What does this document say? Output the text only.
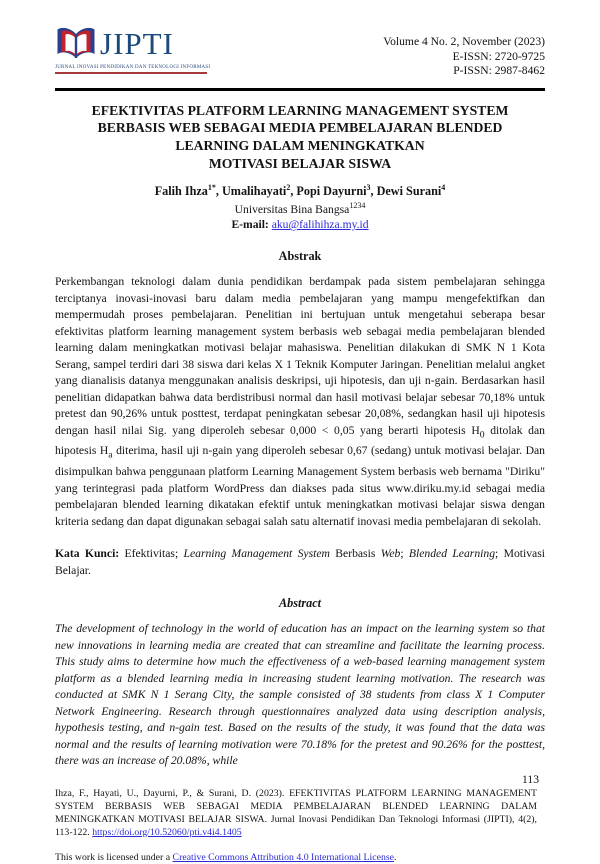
JIPTI
JURNAL INOVASI PENDIDIKAN DAN TEKNOLOGI INFORMASI
Volume 4 No. 2, November (2023)
E-ISSN: 2720-9725
P-ISSN: 2987-8462
EFEKTIVITAS PLATFORM LEARNING MANAGEMENT SYSTEM
BERBASIS WEB SEBAGAI MEDIA PEMBELAJARAN BLENDED
LEARNING DALAM MENINGKATKAN
MOTIVASI BELAJAR SISWA
Falih Ihza$^{1*}$, Umalihayati$^2$, Popi Dayurni$^3$, Dewi Surani$^4$
Universitas Bina Bangsa$^{1234}$
E-mail: aku@falihihza.my.id
Abstrak
Perkembangan teknologi dalam dunia pendidikan berdampak pada sistem pembelajaran sehingga terciptanya inovasi-inovasi baru dalam media pembelajaran yang mampu mengefektifkan dan mempermudah proses pembelajaran. Penelitian ini bertujuan untuk mengetahui seberapa besar efektivitas platform learning management system berbasis web sebagai media pembelajaran blended learning dalam meningkatkan motivasi belajar mahasiswa. Penelitian dilakukan di SMK N 1 Kota Serang, sampel terdiri dari 38 siswa dari kelas X 1 Teknik Komputer Jaringan. Penelitian melalui angket yang dianalisis datanya menggunakan analisis deskripsi, uji hipotesis, dan uji n-gain. Berdasarkan hasil penelitian didapatkan bahwa data berdistribusi normal dan hasil motivasi belajar sebesar 70,18% untuk pretest dan 90,26% untuk posttest, terdapat peningkatan sebesar 20,08%, sedangkan hasil uji hipotesis dengan hasil nilai Sig. yang diperoleh sebesar 0,000 < 0,05 yang berarti hipotesis $H_0$ ditolak dan hipotesis $H_a$ diterima, hasil uji n-gain yang diperoleh sebesar 0,67 (sedang) untuk motivasi belajar. Dan disimpulkan bahwa penggunaan platform Learning Management System berbasis web bernama "Diriku" yang terintegrasi pada platform WordPress dan diakses pada situs www.diriku.my.id sebagai media pembelajaran blended learning dikatakan efektif untuk meningkatkan motivasi belajar siswa dengan kriteria sedang dan dapat digunakan sebagai salah satu alternatif inovasi media pembelajaran di sekolah.
Kata Kunci: Efektivitas; Learning Management System Berbasis Web; Blended Learning; Motivasi Belajar.
Abstract
The development of technology in the world of education has an impact on the learning system so that new innovations in learning media are created that can streamline and facilitate the learning process. This study aims to determine how much the effectiveness of a web-based learning management system platform as a blended learning media in increasing student learning motivation. The research was conducted at SMK N 1 Serang City, the sample consisted of 38 students from class X 1 Computer Network Engineering. Research through questionnaires analyzed data using description analysis, hypothesis testing, and n-gain test. Based on the results of the study, it was found that the data was normal and the results of learning motivation were 70.18% for the pretest and 90.26% for the posttest, there was an increase of 20.08%, while
113
Ihza, F., Hayati, U., Dayurni, P., & Surani, D. (2023). EFEKTIVITAS PLATFORM LEARNING MANAGEMENT SYSTEM BERBASIS WEB SEBAGAI MEDIA PEMBELAJARAN BLENDED LEARNING DALAM MENINGKATKAN MOTIVASI BELAJAR SISWA. Jurnal Inovasi Pendidikan Dan Teknologi Informasi (JIPTI), 4(2), 113-122. https://doi.org/10.52060/pti.v4i4.1405
This work is licensed under a Creative Commons Attribution 4.0 International License.
